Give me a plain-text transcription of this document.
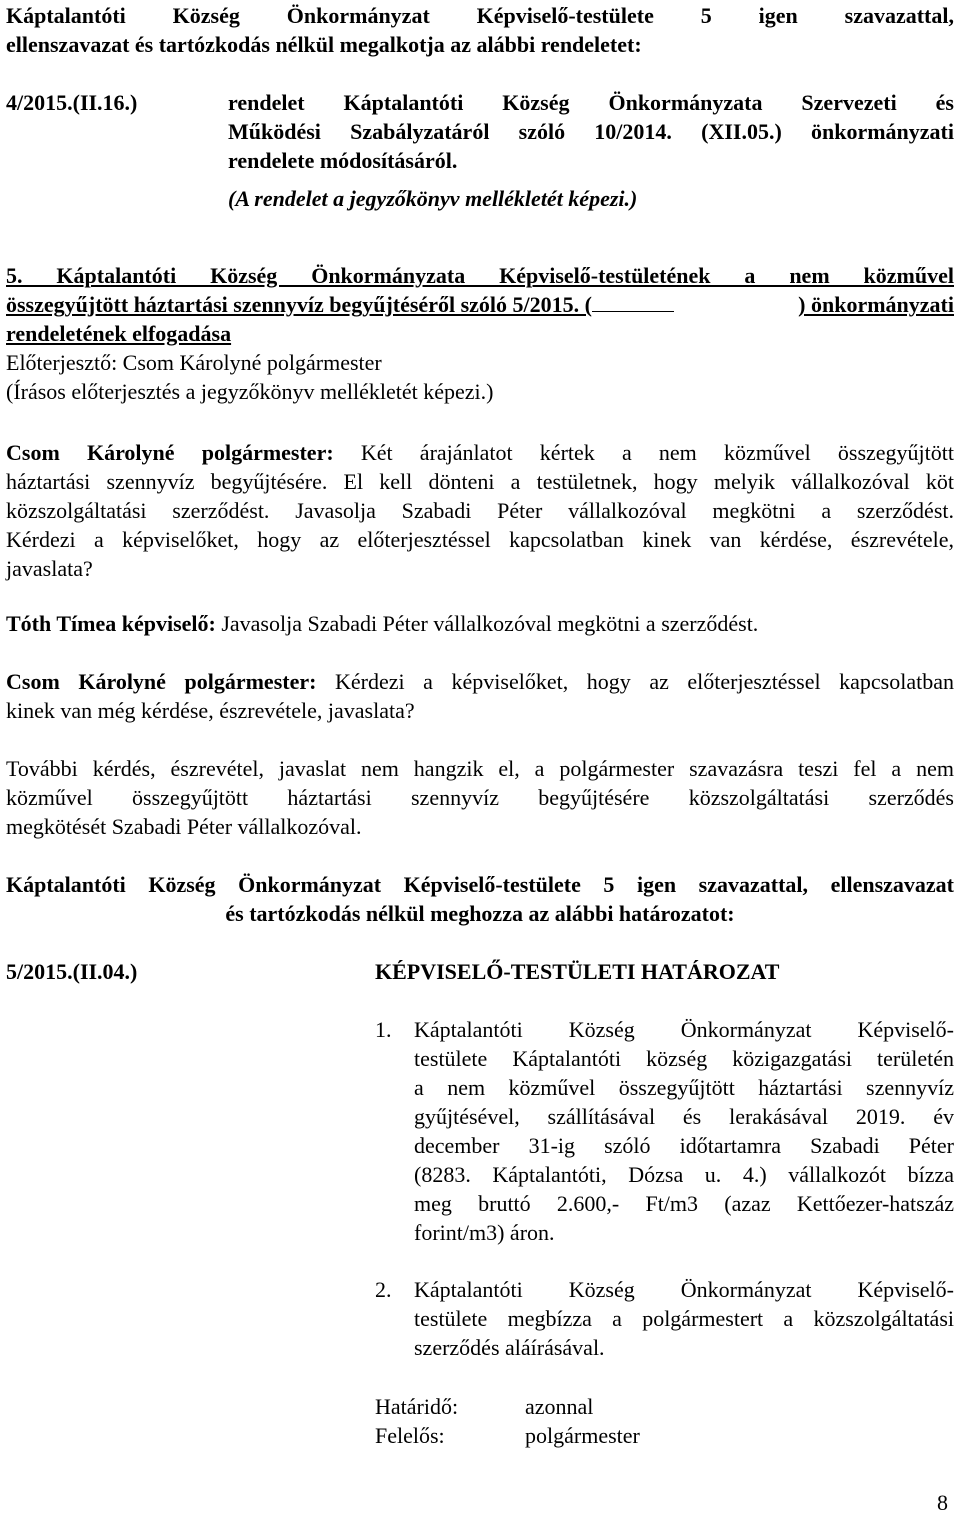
Káptalantóti Község Önkormányzat Képviselő-testülete 5 igen szavazattal,
ellenszavazat és tartózkodás nélkül megalkotja az alábbi rendeletet:
4/2015.(II.16.)	rendelet Káptalantóti Község Önkormányzata Szervezeti és
Működési Szabályzatáról szóló 10/2014. (XII.05.) önkormányzati
rendelete módosításáról.
(A rendelet a jegyzőkönyv mellékletét képezi.)
5. Káptalantóti Község Önkormányzata Képviselő-testületének a nem közművel
összegyűjtött háztartási szennyvíz begyűjtéséről szóló 5/2015. (	) önkormányzati
rendeletének elfogadása
Előterjesztő: Csom Károlyné polgármester
(Írásos előterjesztés a jegyzőkönyv mellékletét képezi.)
Csom Károlyné polgármester: Két árajánlatot kértek a nem közművel összegyűjtött
háztartási szennyvíz begyűjtésére. El kell dönteni a testületnek, hogy melyik vállalkozóval köt
közszolgáltatási szerződést. Javasolja Szabadi Péter vállalkozóval megkötni a szerződést.
Kérdezi a képviselőket, hogy az előterjesztéssel kapcsolatban kinek van kérdése, észrevétele,
javaslata?
Tóth Tímea képviselő: Javasolja Szabadi Péter vállalkozóval megkötni a szerződést.
Csom Károlyné polgármester: Kérdezi a képviselőket, hogy az előterjesztéssel kapcsolatban
kinek van még kérdése, észrevétele, javaslata?
További kérdés, észrevétel, javaslat nem hangzik el, a polgármester szavazásra teszi fel a nem
közművel összegyűjtött háztartási szennyvíz begyűjtésére közszolgáltatási szerződés
megkötését Szabadi Péter vállalkozóval.
Káptalantóti Község Önkormányzat Képviselő-testülete 5 igen szavazattal, ellenszavazat
és tartózkodás nélkül meghozza az alábbi határozatot:
5/2015.(II.04.)	KÉPVISELŐ-TESTÜLETI HATÁROZAT
1. Káptalantóti Község Önkormányzat Képviselő-
testülete Káptalantóti község közigazgatási területén
a nem közművel összegyűjtött háztartási szennyvíz
gyűjtésével, szállításával és lerakásával 2019. év
december 31-ig szóló időtartamra Szabadi Péter
(8283. Káptalantóti, Dózsa u. 4.) vállalkozót bízza
meg bruttó 2.600,- Ft/m3 (azaz Kettőezer-hatszáz
forint/m3) áron.
2. Káptalantóti Község Önkormányzat Képviselő-
testülete megbízza a polgármestert a közszolgáltatási
szerződés aláírásával.
Határidő:	azonnal
Felelős:	polgármester
8
